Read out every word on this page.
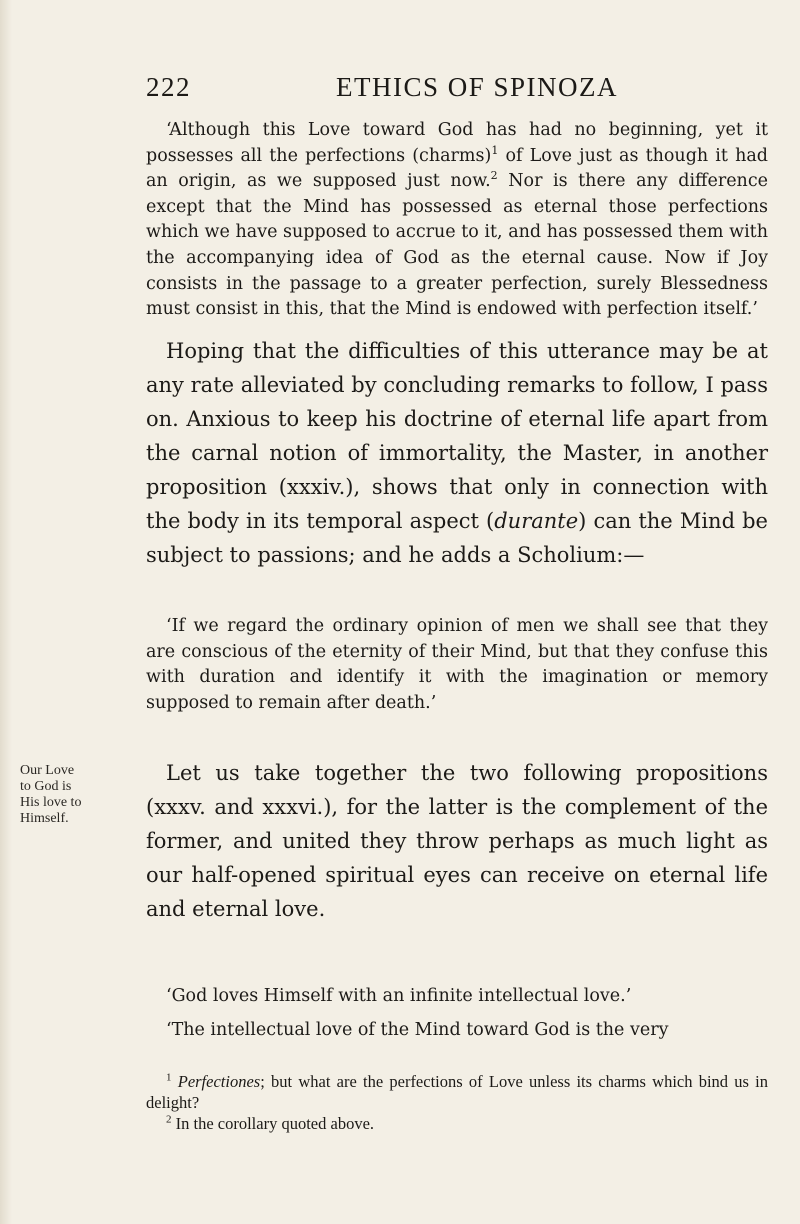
222	ETHICS OF SPINOZA

‘Although this Love toward God has had no beginning, yet it possesses all the perfections (charms)$^1$ of Love just as though it had an origin, as we supposed just now.$^2$ Nor is there any difference except that the Mind has possessed as eternal those perfections which we have supposed to accrue to it, and has possessed them with the accompanying idea of God as the eternal cause. Now if Joy consists in the passage to a greater perfection, surely Blessedness must consist in this, that the Mind is endowed with perfection itself.’

Hoping that the difficulties of this utterance may be at any rate alleviated by concluding remarks to follow, I pass on. Anxious to keep his doctrine of eternal life apart from the carnal notion of immortality, the Master, in another proposition (xxxiv.), shows that only in connection with the body in its temporal aspect (durante) can the Mind be subject to passions; and he adds a Scholium:—

‘If we regard the ordinary opinion of men we shall see that they are conscious of the eternity of their Mind, but that they confuse this with duration and identify it with the imagination or memory supposed to remain after death.’

Our Love
to God is
His love to
Himself.

Let us take together the two following propositions (xxxv. and xxxvi.), for the latter is the complement of the former, and united they throw perhaps as much light as our half-opened spiritual eyes can receive on eternal life and eternal love.

‘God loves Himself with an infinite intellectual love.’

‘The intellectual love of the Mind toward God is the very

$^1$ Perfectiones; but what are the perfections of Love unless its charms which bind us in delight?

$^2$ In the corollary quoted above.
